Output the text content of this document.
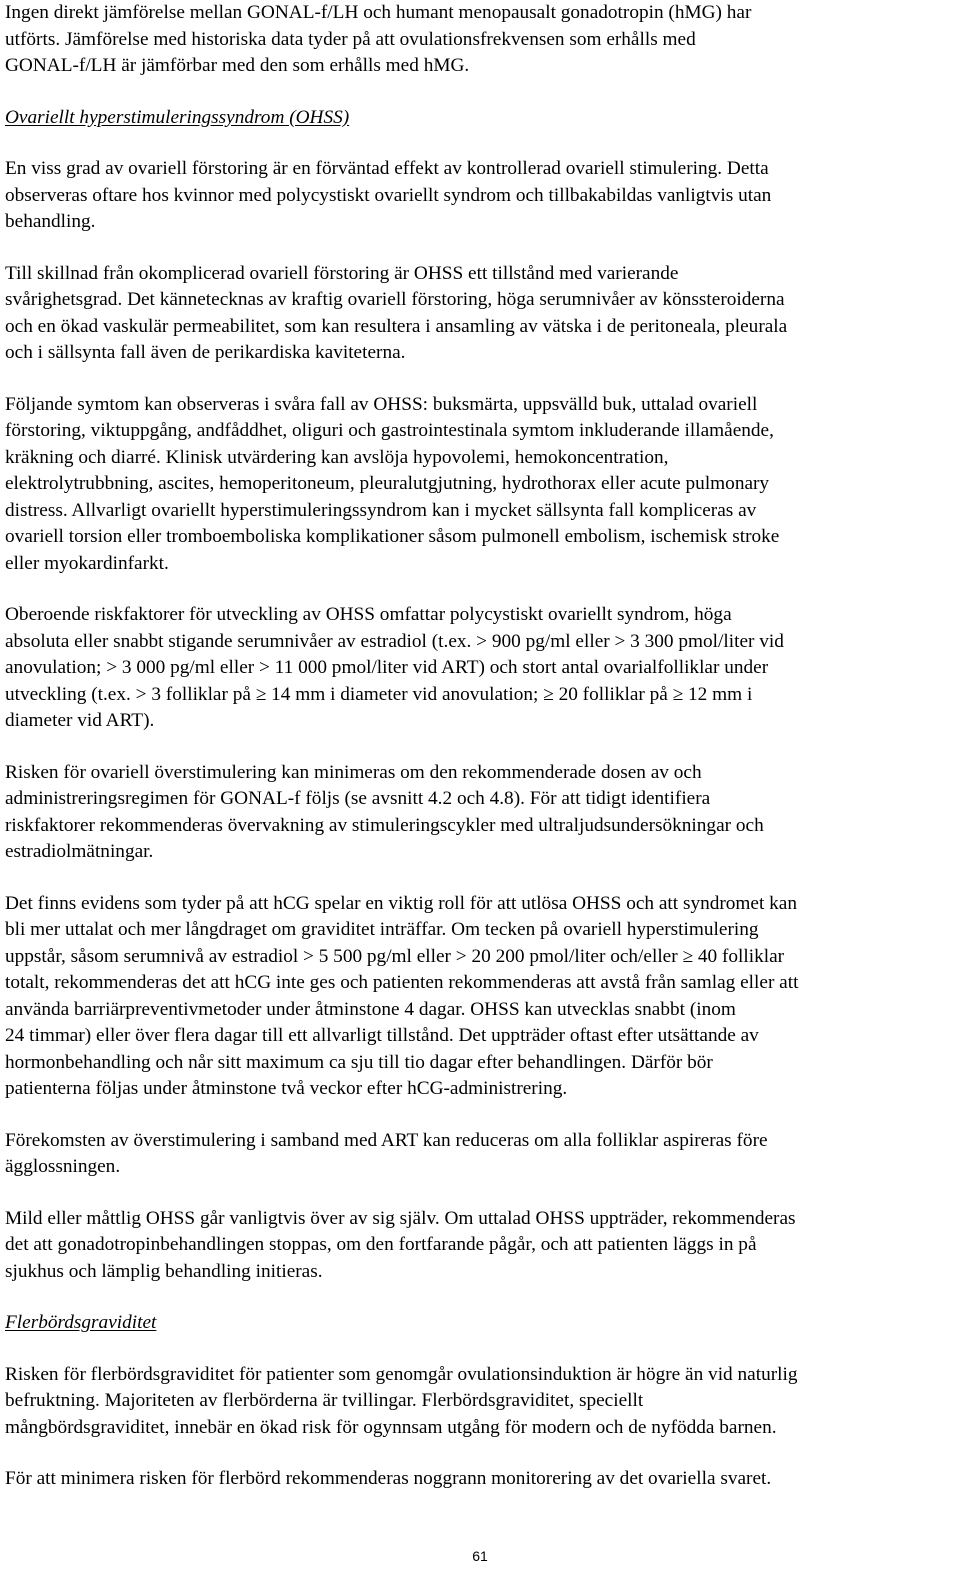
Ingen direkt jämförelse mellan GONAL-f/LH och humant menopausalt gonadotropin (hMG) har
utförts. Jämförelse med historiska data tyder på att ovulationsfrekvensen som erhålls med
GONAL-f/LH är jämförbar med den som erhålls med hMG.

Ovariellt hyperstimuleringssyndrom (OHSS)

En viss grad av ovariell förstoring är en förväntad effekt av kontrollerad ovariell stimulering. Detta
observeras oftare hos kvinnor med polycystiskt ovariellt syndrom och tillbakabildas vanligtvis utan
behandling.

Till skillnad från okomplicerad ovariell förstoring är OHSS ett tillstånd med varierande
svårighetsgrad. Det kännetecknas av kraftig ovariell förstoring, höga serumnivåer av könssteroiderna
och en ökad vaskulär permeabilitet, som kan resultera i ansamling av vätska i de peritoneala, pleurala
och i sällsynta fall även de perikardiska kaviteterna.

Följande symtom kan observeras i svåra fall av OHSS: buksmärta, uppsvälld buk, uttalad ovariell
förstoring, viktuppgång, andfåddhet, oliguri och gastrointestinala symtom inkluderande illamående,
kräkning och diarré. Klinisk utvärdering kan avslöja hypovolemi, hemokoncentration,
elektrolytrubbning, ascites, hemoperitoneum, pleuralutgjutning, hydrothorax eller acute pulmonary
distress. Allvarligt ovariellt hyperstimuleringssyndrom kan i mycket sällsynta fall kompliceras av
ovariell torsion eller tromboemboliska komplikationer såsom pulmonell embolism, ischemisk stroke
eller myokardinfarkt.

Oberoende riskfaktorer för utveckling av OHSS omfattar polycystiskt ovariellt syndrom, höga
absoluta eller snabbt stigande serumnivåer av estradiol (t.ex. > 900 pg/ml eller > 3 300 pmol/liter vid
anovulation; > 3 000 pg/ml eller > 11 000 pmol/liter vid ART) och stort antal ovarialfolliklar under
utveckling (t.ex. > 3 folliklar på ≥ 14 mm i diameter vid anovulation; ≥ 20 folliklar på ≥ 12 mm i
diameter vid ART).

Risken för ovariell överstimulering kan minimeras om den rekommenderade dosen av och
administreringsregimen för GONAL-f följs (se avsnitt 4.2 och 4.8). För att tidigt identifiera
riskfaktorer rekommenderas övervakning av stimuleringscykler med ultraljudsundersökningar och
estradiolmätningar.

Det finns evidens som tyder på att hCG spelar en viktig roll för att utlösa OHSS och att syndromet kan
bli mer uttalat och mer långdraget om graviditet inträffar. Om tecken på ovariell hyperstimulering
uppstår, såsom serumnivå av estradiol > 5 500 pg/ml eller > 20 200 pmol/liter och/eller ≥ 40 folliklar
totalt, rekommenderas det att hCG inte ges och patienten rekommenderas att avstå från samlag eller att
använda barriärpreventivmetoder under åtminstone 4 dagar. OHSS kan utvecklas snabbt (inom
24 timmar) eller över flera dagar till ett allvarligt tillstånd. Det uppträder oftast efter utsättande av
hormonbehandling och når sitt maximum ca sju till tio dagar efter behandlingen. Därför bör
patienterna följas under åtminstone två veckor efter hCG-administrering.

Förekomsten av överstimulering i samband med ART kan reduceras om alla folliklar aspireras före
ägglossningen.

Mild eller måttlig OHSS går vanligtvis över av sig själv. Om uttalad OHSS uppträder, rekommenderas
det att gonadotropinbehandlingen stoppas, om den fortfarande pågår, och att patienten läggs in på
sjukhus och lämplig behandling initieras.

Flerbördsgraviditet

Risken för flerbördsgraviditet för patienter som genomgår ovulationsinduktion är högre än vid naturlig
befruktning. Majoriteten av flerbörderna är tvillingar. Flerbördsgraviditet, speciellt
mångbördsgraviditet, innebär en ökad risk för ogynnsam utgång för modern och de nyfödda barnen.

För att minimera risken för flerbörd rekommenderas noggrann monitorering av det ovariella svaret.

61
